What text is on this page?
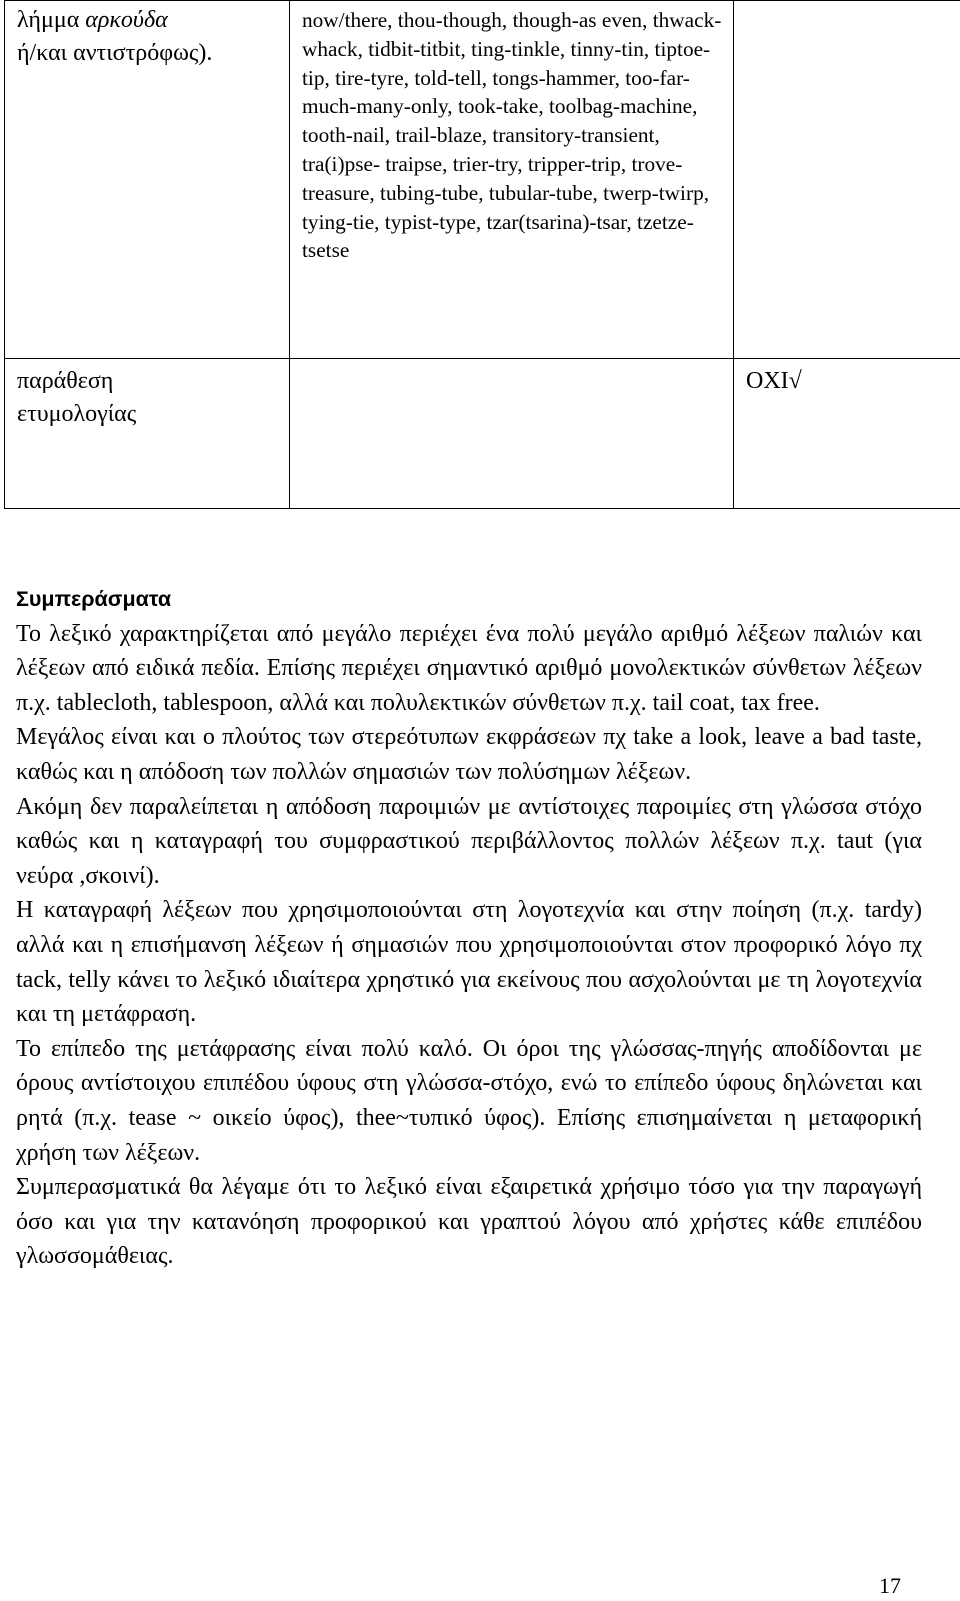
λήμμα αρκούδα
ή/και αντιστρόφως).	now/there, thou-though, though-as even, thwack-whack, tidbit-titbit, ting-tinkle, tinny-tin, tiptoe-tip, tire-tyre, told-tell, tongs-hammer, too-far-much-many-only, took-take, toolbag-machine, tooth-nail, trail-blaze, transitory-transient, tra(i)pse- traipse, trier-try, tripper-trip, trove-treasure, tubing-tube, tubular-tube, twerp-twirp, tying-tie, typist-type, tzar(tsarina)-tsar, tzetze-tsetse	

παράθεση ετυμολογίας		ΟΧΙ√
Συμπεράσματα

Το λεξικό χαρακτηρίζεται από μεγάλο περιέχει ένα πολύ μεγάλο αριθμό λέξεων παλιών και λέξεων από ειδικά πεδία. Επίσης περιέχει σημαντικό αριθμό μονολεκτικών σύνθετων λέξεων π.χ. tablecloth, tablespoon, αλλά και πολυλεκτικών σύνθετων π.χ. tail coat, tax free.

Μεγάλος είναι και ο πλούτος των στερεότυπων εκφράσεων πχ take a look, leave a bad taste, καθώς και η απόδοση των πολλών σημασιών των πολύσημων λέξεων.

Ακόμη δεν παραλείπεται η απόδοση παροιμιών με αντίστοιχες παροιμίες στη γλώσσα στόχο καθώς και η καταγραφή του συμφραστικού περιβάλλοντος πολλών λέξεων π.χ. taut (για νεύρα ,σκοινί).

Η καταγραφή λέξεων που χρησιμοποιούνται στη λογοτεχνία και στην ποίηση (π.χ. tardy) αλλά και η επισήμανση λέξεων ή σημασιών που χρησιμοποιούνται στον προφορικό λόγο πχ tack, telly κάνει το λεξικό ιδιαίτερα χρηστικό για εκείνους που ασχολούνται με τη λογοτεχνία και τη μετάφραση.

Το επίπεδο της μετάφρασης είναι πολύ καλό. Οι όροι της γλώσσας-πηγής αποδίδονται με όρους αντίστοιχου επιπέδου ύφους στη γλώσσα-στόχο, ενώ το επίπεδο ύφους δηλώνεται και ρητά (π.χ. tease ~ οικείο ύφος), thee~τυπικό ύφος). Επίσης επισημαίνεται η μεταφορική χρήση των λέξεων.

Συμπερασματικά θα λέγαμε ότι το λεξικό είναι εξαιρετικά χρήσιμο τόσο για την παραγωγή όσο και για την κατανόηση προφορικού και γραπτού λόγου από χρήστες κάθε επιπέδου γλωσσομάθειας.

17
